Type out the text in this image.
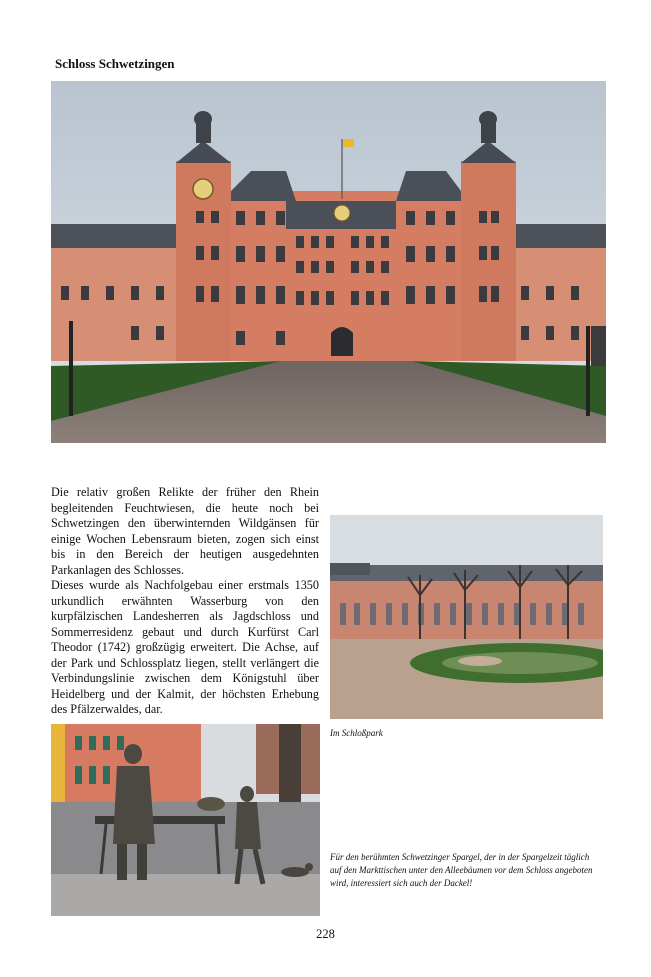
Schloss Schwetzingen

Die relativ großen Relikte der früher den Rhein begleitenden Feuchtwiesen, die heute noch bei Schwetzingen den überwinternden Wildgänsen für einige Wochen Lebensraum bieten, zogen sich einst bis in den Bereich der heutigen ausgedehnten Parkanlagen des Schlosses.

Dieses wurde als Nachfolgebau einer erstmals 1350 urkundlich erwähnten Wasserburg von den kurpfälzischen Landesherren als Jagdschloss und Sommerresidenz gebaut und durch Kurfürst Carl Theodor (1742) großzügig erweitert. Die Achse, auf der Park und Schlossplatz liegen, stellt verlängert die Verbindungslinie zwischen dem Königstuhl über Heidelberg und der Kalmit, der höchsten Erhebung des Pfälzerwaldes, dar.

Im Schloßpark
Für den berühmten Schwetzinger Spargel, der in der Spargelzeit täglich auf den Markttischen unter den Alleebäumen vor dem Schloss angeboten wird, interessiert sich auch der Dackel!
228
